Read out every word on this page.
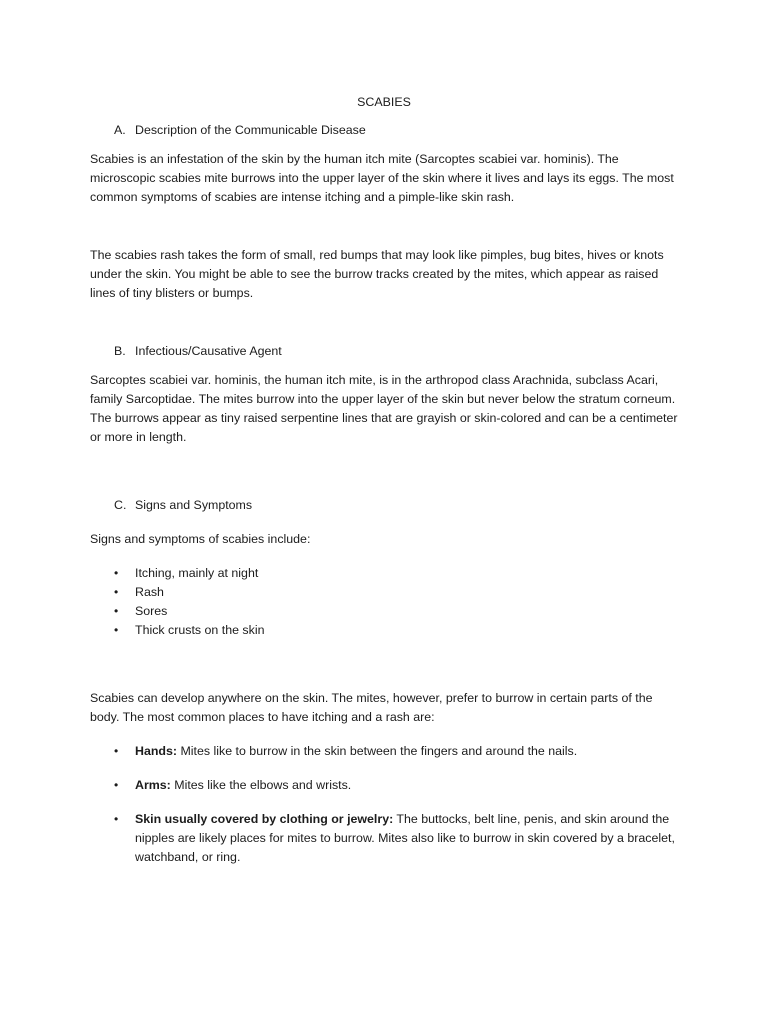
SCABIES

A. Description of the Communicable Disease

Scabies is an infestation of the skin by the human itch mite (Sarcoptes scabiei var. hominis). The microscopic scabies mite burrows into the upper layer of the skin where it lives and lays its eggs. The most common symptoms of scabies are intense itching and a pimple-like skin rash.

The scabies rash takes the form of small, red bumps that may look like pimples, bug bites, hives or knots under the skin. You might be able to see the burrow tracks created by the mites, which appear as raised lines of tiny blisters or bumps.

B. Infectious/Causative Agent

Sarcoptes scabiei var. hominis, the human itch mite, is in the arthropod class Arachnida, subclass Acari, family Sarcoptidae. The mites burrow into the upper layer of the skin but never below the stratum corneum. The burrows appear as tiny raised serpentine lines that are grayish or skin-colored and can be a centimeter or more in length.

C. Signs and Symptoms

Signs and symptoms of scabies include:

• Itching, mainly at night
• Rash
• Sores
• Thick crusts on the skin

Scabies can develop anywhere on the skin. The mites, however, prefer to burrow in certain parts of the body. The most common places to have itching and a rash are:

• Hands: Mites like to burrow in the skin between the fingers and around the nails.
• Arms: Mites like the elbows and wrists.
• Skin usually covered by clothing or jewelry: The buttocks, belt line, penis, and skin around the nipples are likely places for mites to burrow. Mites also like to burrow in skin covered by a bracelet, watchband, or ring.
